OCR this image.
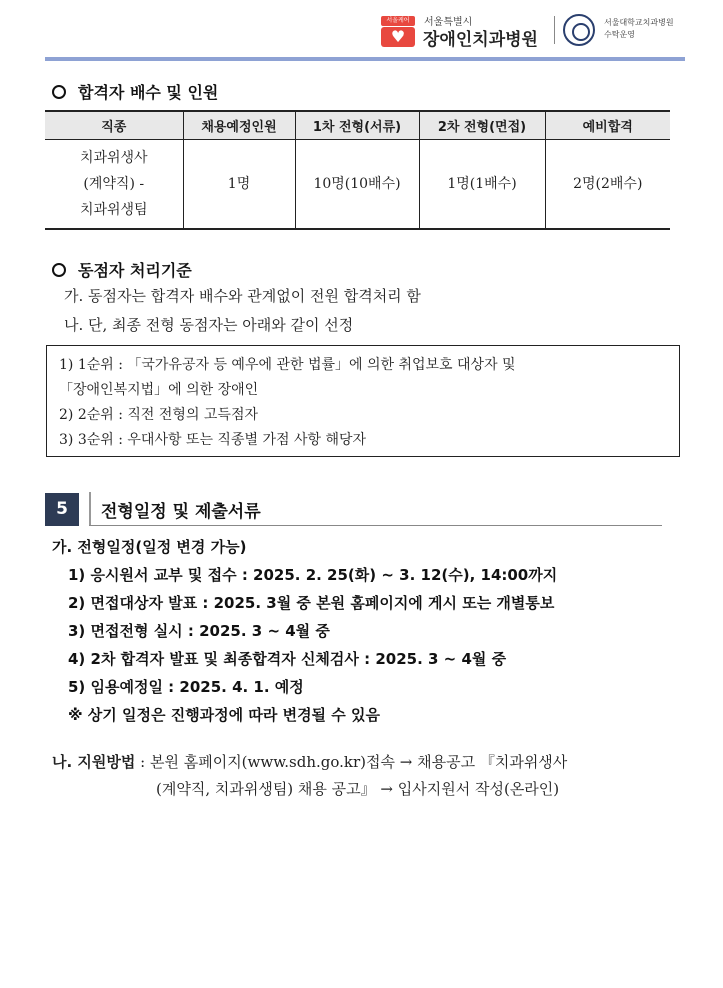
서울케어
♥
서울특별시
장애인치과병원
서울대학교치과병원
수탁운영
합격자 배수 및 인원
직종	채용예정인원	1차 전형(서류)	2차 전형(면접)	예비합격

치과위생사
(계약직) -
치과위생팀	1명	10명(10배수)	1명(1배수)	2명(2배수)
동점자 처리기준
가. 동점자는 합격자 배수와 관계없이 전원 합격처리 함
나. 단, 최종 전형 동점자는 아래와 같이 선정
1) 1순위 : 「국가유공자 등 예우에 관한 법률」에 의한 취업보호 대상자 및
「장애인복지법」에 의한 장애인
2) 2순위 : 직전 전형의 고득점자
3) 3순위 : 우대사항 또는 직종별 가점 사항 해당자
5	전형일정 및 제출서류
가. 전형일정(일정 변경 가능)
1) 응시원서 교부 및 접수 : 2025. 2. 25(화) ~ 3. 12(수), 14:00까지
2) 면접대상자 발표 : 2025. 3월 중 본원 홈페이지에 게시 또는 개별통보
3) 면접전형 실시 : 2025. 3 ~ 4월 중
4) 2차 합격자 발표 및 최종합격자 신체검사 : 2025. 3 ~ 4월 중
5) 임용예정일 : 2025. 4. 1. 예정
※ 상기 일정은 진행과정에 따라 변경될 수 있음
나. 지원방법 : 본원 홈페이지(www.sdh.go.kr)접속 → 채용공고 『치과위생사
(계약직, 치과위생팀) 채용 공고』 → 입사지원서 작성(온라인)
